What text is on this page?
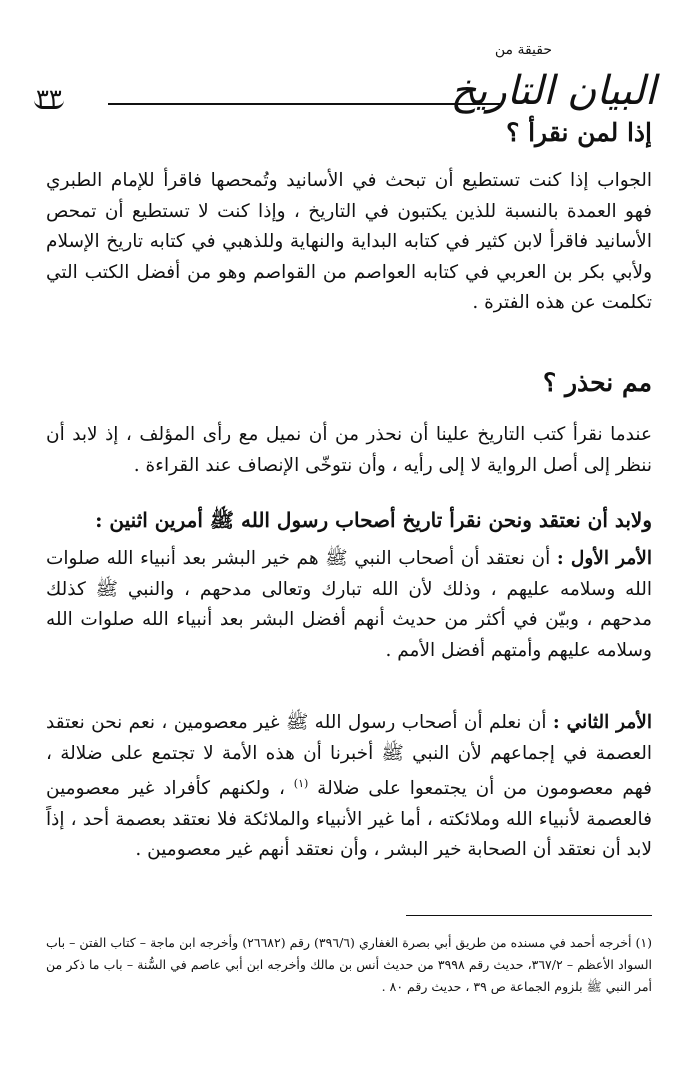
٣٣
حقيقة من
البيان التاريخ
إذا لمن نقرأ ؟
الجواب إذا كنت تستطيع أن تبحث في الأسانيد وتُمحصها فاقرأ للإمام الطبري فهو العمدة بالنسبة للذين يكتبون في التاريخ ، وإذا كنت لا تستطيع أن تمحص الأسانيد فاقرأ لابن كثير في كتابه البداية والنهاية وللذهبي في كتابه تاريخ الإسلام ولأبي بكر بن العربي في كتابه العواصم من القواصم وهو من أفضل الكتب التي تكلمت عن هذه الفترة .
مم نحذر ؟
عندما نقرأ كتب التاريخ علينا أن نحذر من أن نميل مع رأى المؤلف ، إذ لابد أن ننظر إلى أصل الرواية لا إلى رأيه ، وأن نتوخّى الإنصاف عند القراءة .
ولابد أن نعتقد ونحن نقرأ تاريخ أصحاب رسول الله ﷺ أمرين اثنين :
الأمر الأول : أن نعتقد أن أصحاب النبي ﷺ هم خير البشر بعد أنبياء الله صلوات الله وسلامه عليهم ، وذلك لأن الله تبارك وتعالى مدحهم ، والنبي ﷺ كذلك مدحهم ، وبيّن في أكثر من حديث أنهم أفضل البشر بعد أنبياء الله صلوات الله وسلامه عليهم وأمتهم أفضل الأمم .
الأمر الثاني : أن نعلم أن أصحاب رسول الله ﷺ غير معصومين ، نعم نحن نعتقد العصمة في إجماعهم لأن النبي ﷺ أخبرنا أن هذه الأمة لا تجتمع على ضلالة ، فهم معصومون من أن يجتمعوا على ضلالة $^{(١)}$ ، ولكنهم كأفراد غير معصومين فالعصمة لأنبياء الله وملائكته ، أما غير الأنبياء والملائكة فلا نعتقد بعصمة أحد ، إذاً لابد أن نعتقد أن الصحابة خير البشر ، وأن نعتقد أنهم غير معصومين .
(١) أخرجه أحمد في مسنده من طريق أبي بصرة الغفاري (٣٩٦/٦) رقم (٢٦٦٨٢) وأخرجه ابن ماجة – كتاب الفتن – باب السواد الأعظم – ٣٦٧/٢، حديث رقم ٣٩٩٨ من حديث أنس بن مالك وأخرجه ابن أبي عاصم في السُّنة – باب ما ذكر من أمر النبي ﷺ بلزوم الجماعة ص ٣٩ ، حديث رقم ٨٠ .
